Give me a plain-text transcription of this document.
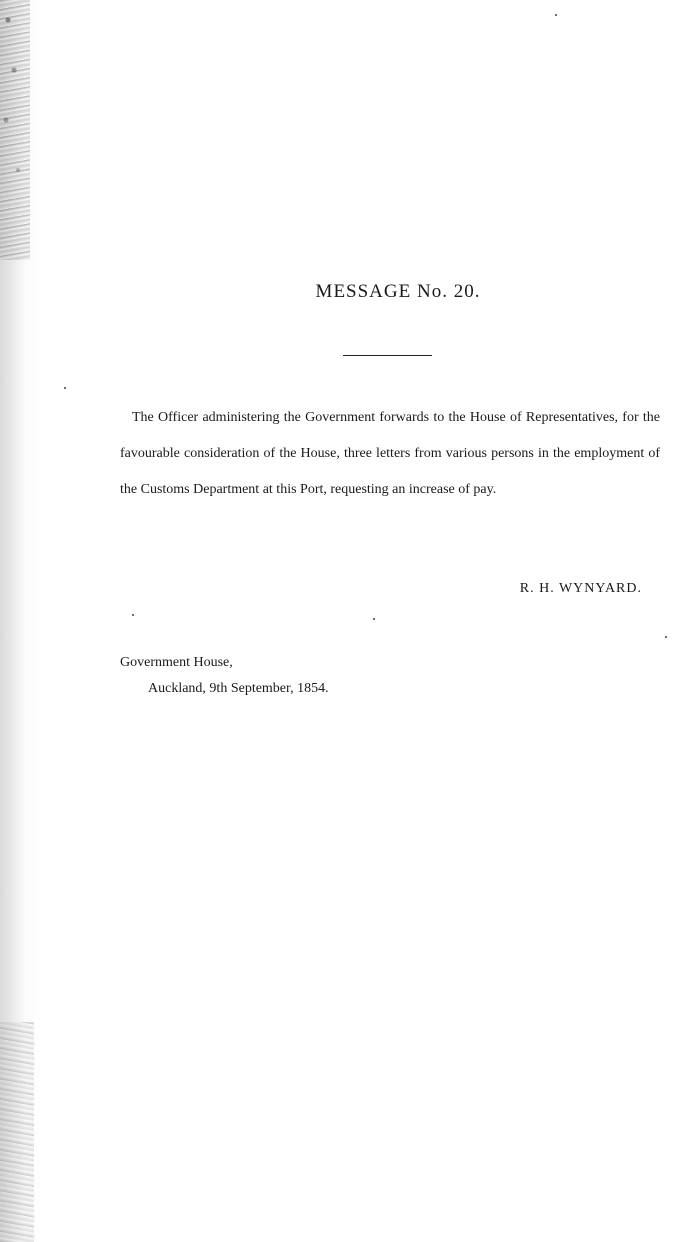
MESSAGE No. 20.
The Officer administering the Government forwards to the House of Representatives, for the favourable consideration of the House, three letters from various persons in the employment of the Customs Department at this Port, requesting an increase of pay.
R. H. WYNYARD.
Government House,
Auckland, 9th September, 1854.
